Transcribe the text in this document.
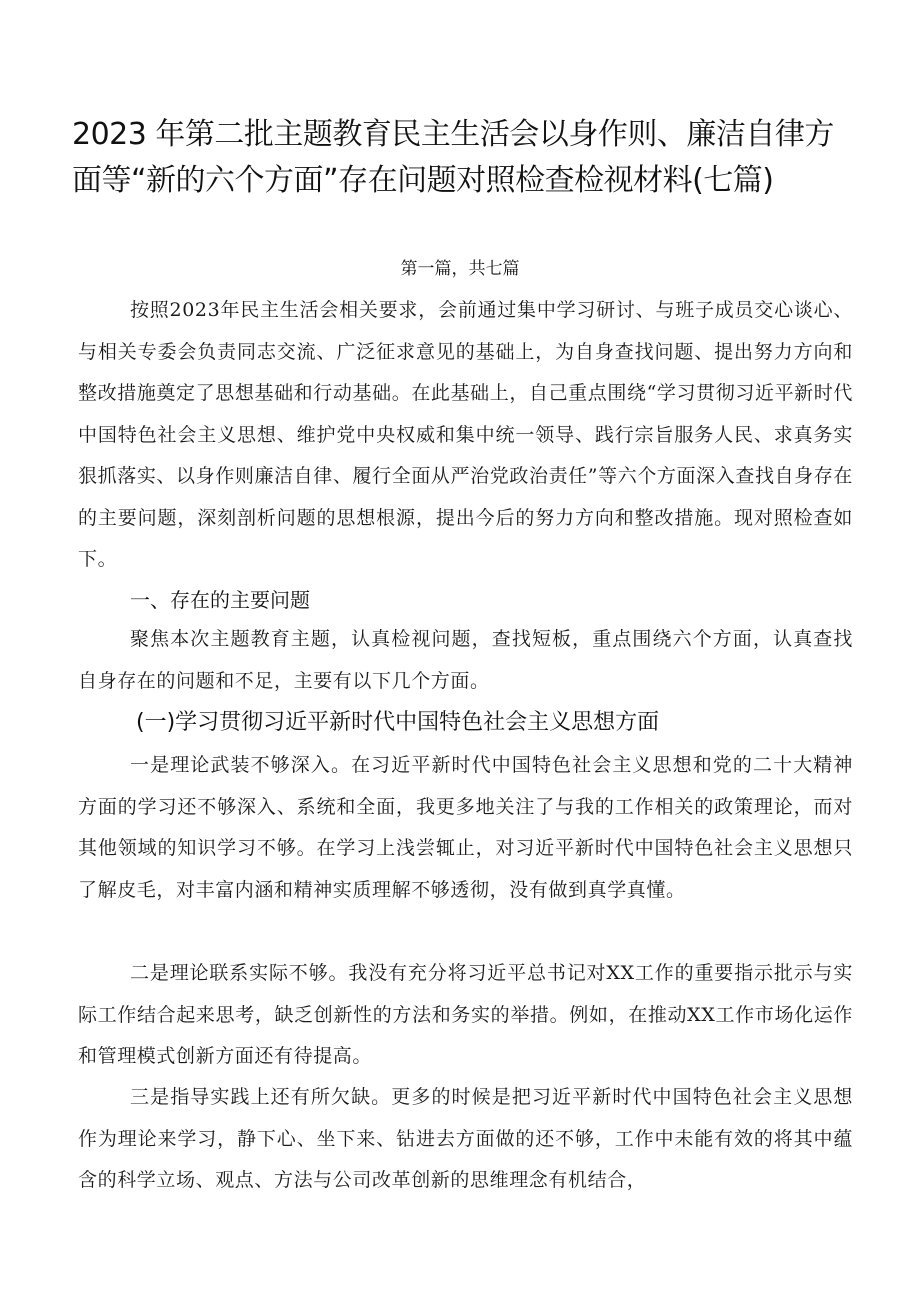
2023 年第二批主题教育民主生活会以身作则、廉洁自律方
面等“新的六个方面”存在问题对照检查检视材料(七篇)
第一篇，共七篇

按照2023年民主生活会相关要求，会前通过集中学习研讨、与班子成员交心谈心、与相关专委会负责同志交流、广泛征求意见的基础上，为自身查找问题、提出努力方向和整改措施奠定了思想基础和行动基础。在此基础上，自己重点围绕“学习贯彻习近平新时代中国特色社会主义思想、维护党中央权威和集中统一领导、践行宗旨服务人民、求真务实狠抓落实、以身作则廉洁自律、履行全面从严治党政治责任”等六个方面深入查找自身存在的主要问题，深刻剖析问题的思想根源，提出今后的努力方向和整改措施。现对照检查如下。

一、存在的主要问题

聚焦本次主题教育主题，认真检视问题，查找短板，重点围绕六个方面，认真查找自身存在的问题和不足，主要有以下几个方面。

(一)学习贯彻习近平新时代中国特色社会主义思想方面

一是理论武装不够深入。在习近平新时代中国特色社会主义思想和党的二十大精神方面的学习还不够深入、系统和全面，我更多地关注了与我的工作相关的政策理论，而对其他领域的知识学习不够。在学习上浅尝辄止，对习近平新时代中国特色社会主义思想只了解皮毛，对丰富内涵和精神实质理解不够透彻，没有做到真学真懂。

二是理论联系实际不够。我没有充分将习近平总书记对XX工作的重要指示批示与实际工作结合起来思考，缺乏创新性的方法和务实的举措。例如，在推动XX工作市场化运作和管理模式创新方面还有待提高。

三是指导实践上还有所欠缺。更多的时候是把习近平新时代中国特色社会主义思想作为理论来学习，静下心、坐下来、钻进去方面做的还不够，工作中未能有效的将其中蕴含的科学立场、观点、方法与公司改革创新的思维理念有机结合，
